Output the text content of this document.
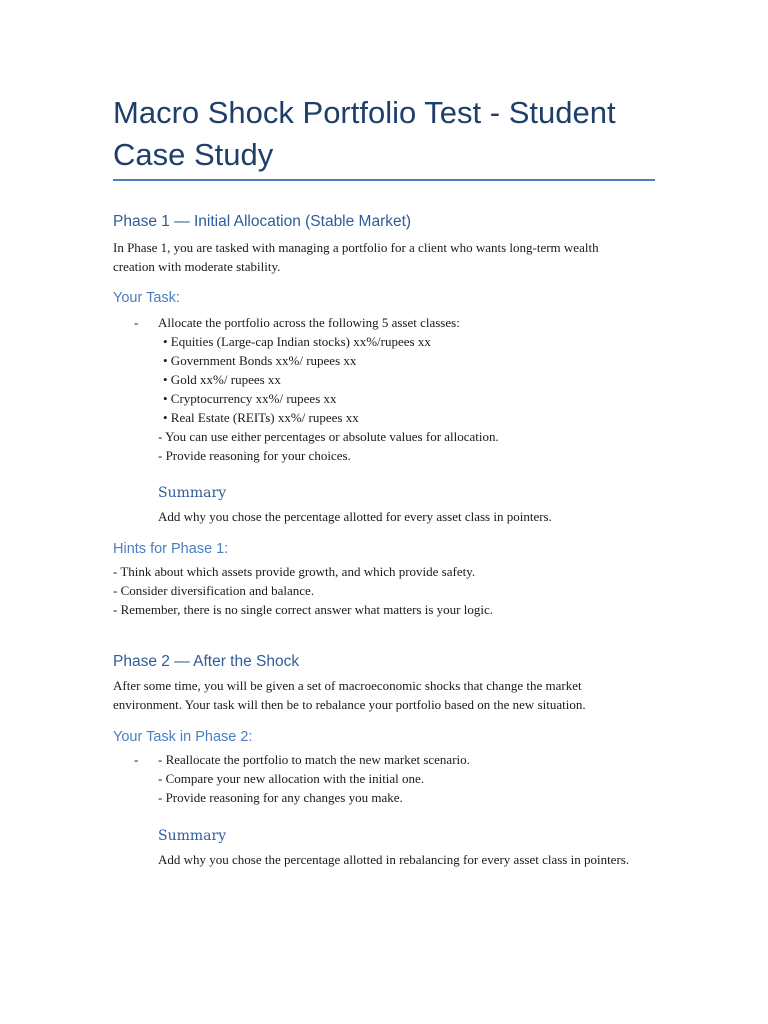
Macro Shock Portfolio Test - Student Case Study
Phase 1 — Initial Allocation (Stable Market)

In Phase 1, you are tasked with managing a portfolio for a client who wants long-term wealth creation with moderate stability.

Your Task:
- Allocate the portfolio across the following 5 asset classes:

• Equities (Large-cap Indian stocks) xx%/rupees xx

• Government Bonds xx%/ rupees xx

• Gold xx%/ rupees xx

• Cryptocurrency xx%/ rupees xx

• Real Estate (REITs) xx%/ rupees xx

- You can use either percentages or absolute values for allocation.

- Provide reasoning for your choices.

Summary

Add why you chose the percentage allotted for every asset class in pointers.

Hints for Phase 1:

- Think about which assets provide growth, and which provide safety.

- Consider diversification and balance.

- Remember, there is no single correct answer what matters is your logic.

Phase 2 — After the Shock

After some time, you will be given a set of macroeconomic shocks that change the market environment. Your task will then be to rebalance your portfolio based on the new situation.

Your Task in Phase 2:
- - Reallocate the portfolio to match the new market scenario.

- Compare your new allocation with the initial one.

- Provide reasoning for any changes you make.

Summary

Add why you chose the percentage allotted in rebalancing for every asset class in pointers.
